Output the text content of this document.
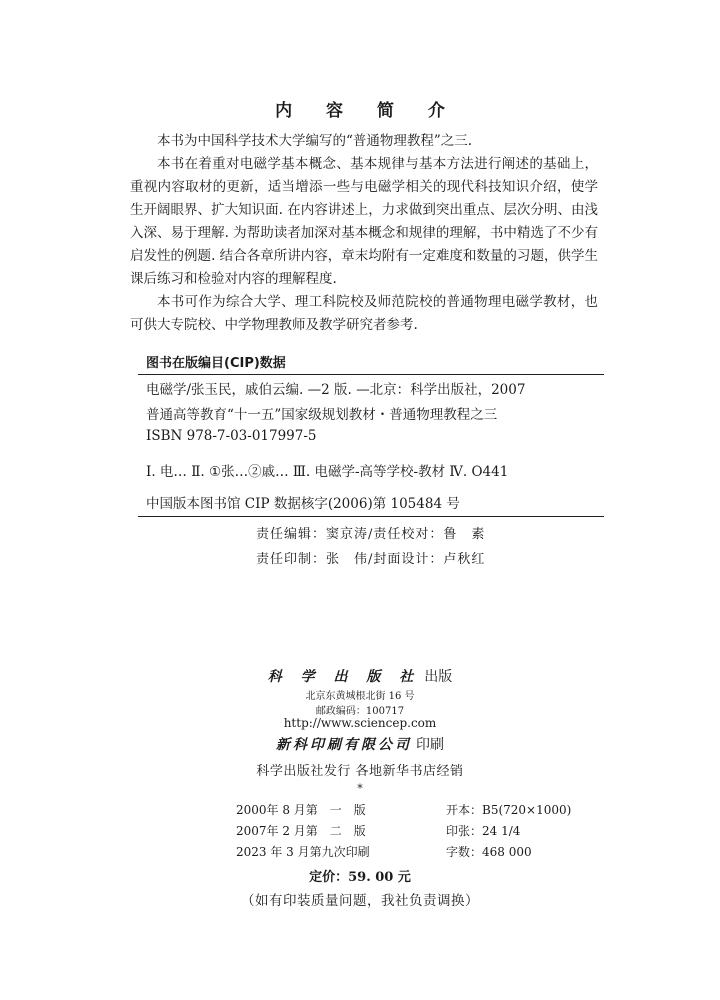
内 容 简 介

本书为中国科学技术大学编写的“普通物理教程”之三.

本书在着重对电磁学基本概念、基本规律与基本方法进行阐述的基础上，重视内容取材的更新，适当增添一些与电磁学相关的现代科技知识介绍，使学生开阔眼界、扩大知识面. 在内容讲述上，力求做到突出重点、层次分明、由浅入深、易于理解. 为帮助读者加深对基本概念和规律的理解，书中精选了不少有启发性的例题. 结合各章所讲内容，章末均附有一定难度和数量的习题，供学生课后练习和检验对内容的理解程度.

本书可作为综合大学、理工科院校及师范院校的普通物理电磁学教材，也可供大专院校、中学物理教师及教学研究者参考.

图书在版编目(CIP)数据
电磁学/张玉民，戚伯云编. —2 版. —北京：科学出版社，2007
普通高等教育“十一五”国家级规划教材・普通物理教程之三
ISBN 978-7-03-017997-5
Ⅰ. 电… Ⅱ. ①张…②戚… Ⅲ. 电磁学-高等学校-教材 Ⅳ. O441
中国版本图书馆 CIP 数据核字(2006)第 105484 号
责任编辑：窦京涛/责任校对：鲁　素
责任印制：张　伟/封面设计：卢秋红
科 学 出 版 社 出版
北京东黄城根北街 16 号
邮政编码：100717
http://www.sciencep.com
新科印刷有限公司 印刷
科学出版社发行 各地新华书店经销
*
2000年 8 月第　一　版	开本：B5(720×1000)
2007年 2 月第　二　版	印张：24 1/4
2023 年 3 月第九次印刷	字数：468 000
定价：59. 00 元
（如有印装质量问题，我社负责调换）
